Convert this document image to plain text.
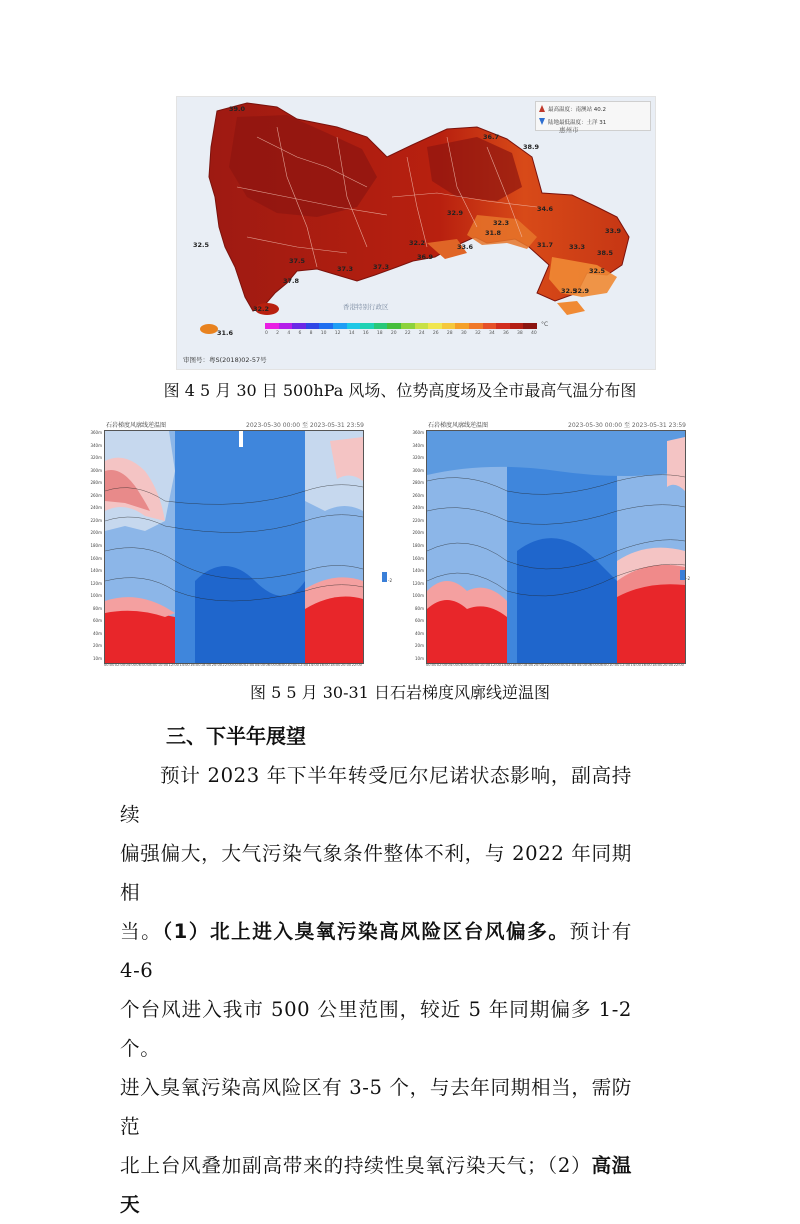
最高温度： 南澳站 40.2
陆地最低温度： 土洋 31
惠州市
香港特别行政区
39.0
36.7
38.9
37.3
37.5
32.5
32.9
32.3
31.8
33.6
32.2
36.9
37.3
37.8
32.2
31.6
31.7 33.3
38.5
32.5
32.9
32.5
34.6
33.9
0 2 4 6 8 10 12 14 16 18 20 22 24 26 28 30 32 34 36 38 40
°C
审图号：粤S(2018)02-57号
图 4 5 月 30 日 500hPa 风场、位势高度场及全市最高气温分布图
石岩梯度风廓线逆温图	2023-05-30 00:00 至 2023-05-31 23:59
360m
340m
320m
300m
280m
260m
240m
220m
200m
180m
160m
140m
120m
100m
80m
60m
40m
20m
10m
00:00 02:00 04:00 06:00 08:00 10:00 12:00 14:00 16:00 18:00 20:00 22:00 00:00 02:00 04:00 06:00 08:00 10:00 12:00 14:00 16:00 18:00 20:00 22:00
-2
石岩梯度风廓线逆温图	2023-05-30 00:00 至 2023-05-31 23:59
360m
340m
320m
300m
280m
260m
240m
220m
200m
180m
160m
140m
120m
100m
80m
60m
40m
20m
10m
00:00 02:00 04:00 06:00 08:00 10:00 12:00 14:00 16:00 18:00 20:00 22:00 00:00 02:00 04:00 06:00 08:00 10:00 12:00 14:00 16:00 18:00 20:00 22:00
-2
图 5 5 月 30-31 日石岩梯度风廓线逆温图
三、下半年展望

预计 2023 年下半年转受厄尔尼诺状态影响，副高持续

偏强偏大，大气污染气象条件整体不利，与 2022 年同期相

当。（1）北上进入臭氧污染高风险区台风偏多。预计有 4-6

个台风进入我市 500 公里范围，较近 5 年同期偏多 1-2 个。

进入臭氧污染高风险区有 3-5 个，与去年同期相当，需防范

北上台风叠加副高带来的持续性臭氧污染天气；（2）高温天
